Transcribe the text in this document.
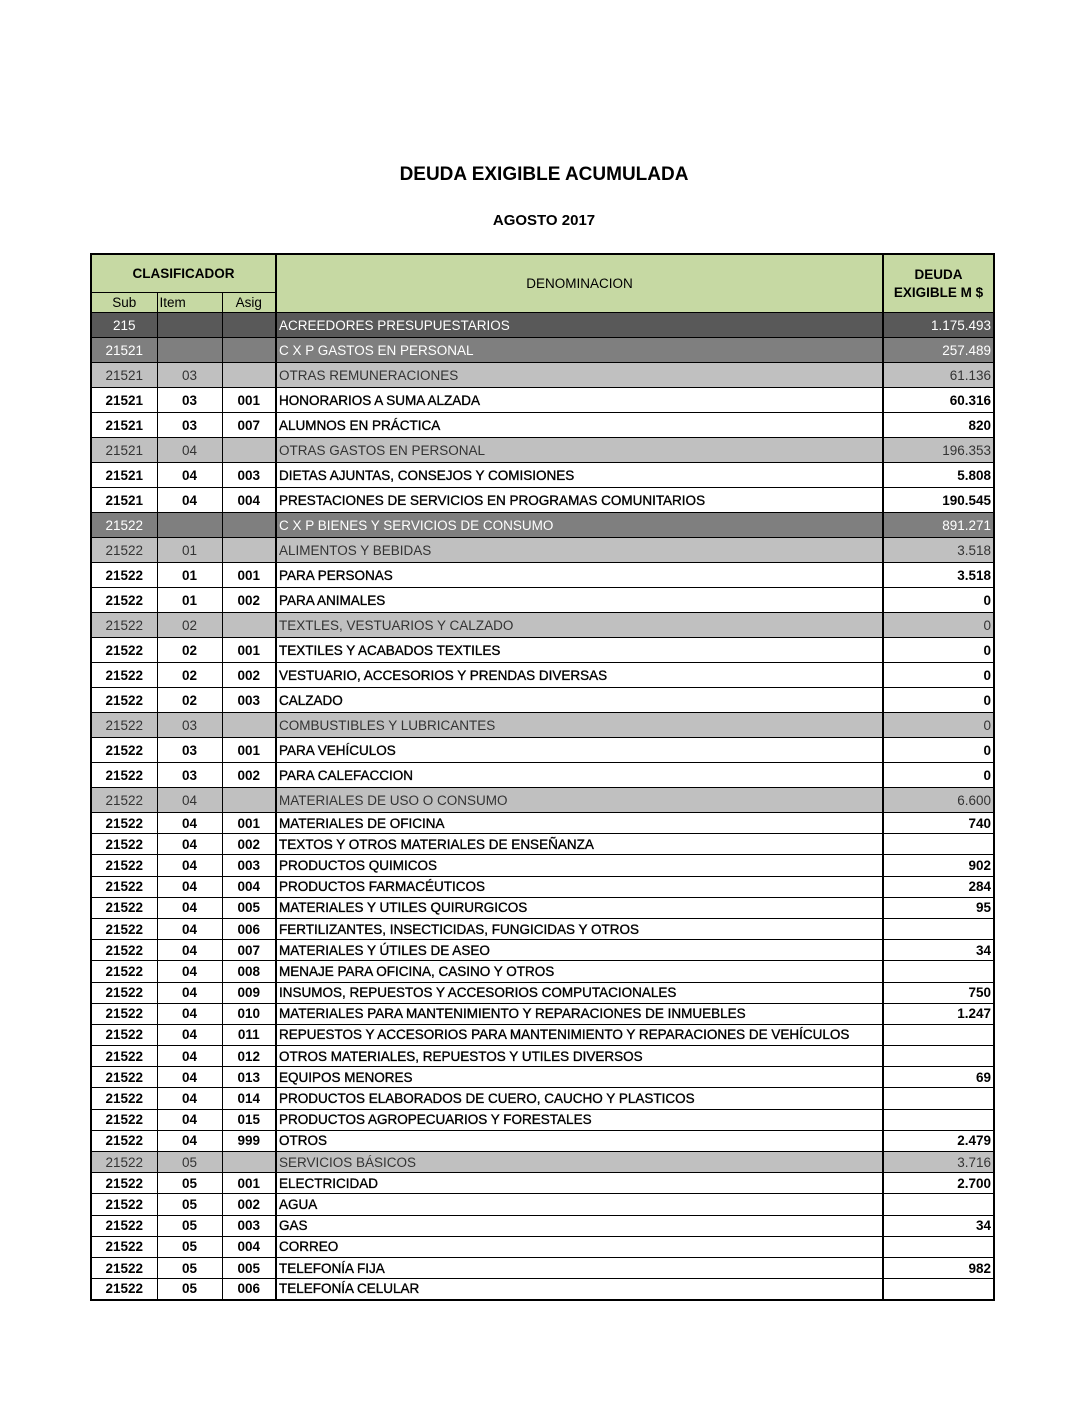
DEUDA EXIGIBLE ACUMULADA
AGOSTO 2017
CLASIFICADOR			DENOMINACION	DEUDA
EXIGIBLE M $
Sub	Item	Asig		
215			ACREEDORES PRESUPUESTARIOS	1.175.493
21521			C X P GASTOS EN PERSONAL	257.489
21521	03		OTRAS REMUNERACIONES	61.136
21521	03	001	HONORARIOS A SUMA ALZADA	60.316
21521	03	007	ALUMNOS EN PRÁCTICA	820
21521	04		OTRAS GASTOS EN PERSONAL	196.353
21521	04	003	DIETAS AJUNTAS, CONSEJOS Y COMISIONES	5.808
21521	04	004	PRESTACIONES DE SERVICIOS EN PROGRAMAS COMUNITARIOS	190.545
21522			C X P BIENES Y SERVICIOS DE CONSUMO	891.271
21522	01		ALIMENTOS Y BEBIDAS	3.518
21522	01	001	PARA PERSONAS	3.518
21522	01	002	PARA ANIMALES	0
21522	02		TEXTLES, VESTUARIOS Y CALZADO	0
21522	02	001	TEXTILES Y ACABADOS TEXTILES	0
21522	02	002	VESTUARIO, ACCESORIOS Y PRENDAS DIVERSAS	0
21522	02	003	CALZADO	0
21522	03		COMBUSTIBLES Y LUBRICANTES	0
21522	03	001	PARA VEHÍCULOS	0
21522	03	002	PARA CALEFACCION	0
21522	04		MATERIALES DE USO O CONSUMO	6.600
21522	04	001	MATERIALES DE OFICINA	740
21522	04	002	TEXTOS Y OTROS MATERIALES DE ENSEÑANZA	
21522	04	003	PRODUCTOS QUIMICOS	902
21522	04	004	PRODUCTOS FARMACÉUTICOS	284
21522	04	005	MATERIALES Y UTILES QUIRURGICOS	95
21522	04	006	FERTILIZANTES, INSECTICIDAS, FUNGICIDAS Y OTROS	
21522	04	007	MATERIALES Y ÚTILES DE ASEO	34
21522	04	008	MENAJE PARA OFICINA, CASINO Y OTROS	
21522	04	009	INSUMOS, REPUESTOS Y ACCESORIOS COMPUTACIONALES	750
21522	04	010	MATERIALES PARA MANTENIMIENTO Y REPARACIONES DE INMUEBLES	1.247
21522	04	011	REPUESTOS Y ACCESORIOS PARA MANTENIMIENTO Y REPARACIONES DE VEHÍCULOS	
21522	04	012	OTROS MATERIALES, REPUESTOS Y UTILES DIVERSOS	
21522	04	013	EQUIPOS MENORES	69
21522	04	014	PRODUCTOS ELABORADOS DE CUERO, CAUCHO Y PLASTICOS	
21522	04	015	PRODUCTOS AGROPECUARIOS Y FORESTALES	
21522	04	999	OTROS	2.479
21522	05		SERVICIOS BÁSICOS	3.716
21522	05	001	ELECTRICIDAD	2.700
21522	05	002	AGUA	
21522	05	003	GAS	34
21522	05	004	CORREO	
21522	05	005	TELEFONÍA FIJA	982
21522	05	006	TELEFONÍA CELULAR	
